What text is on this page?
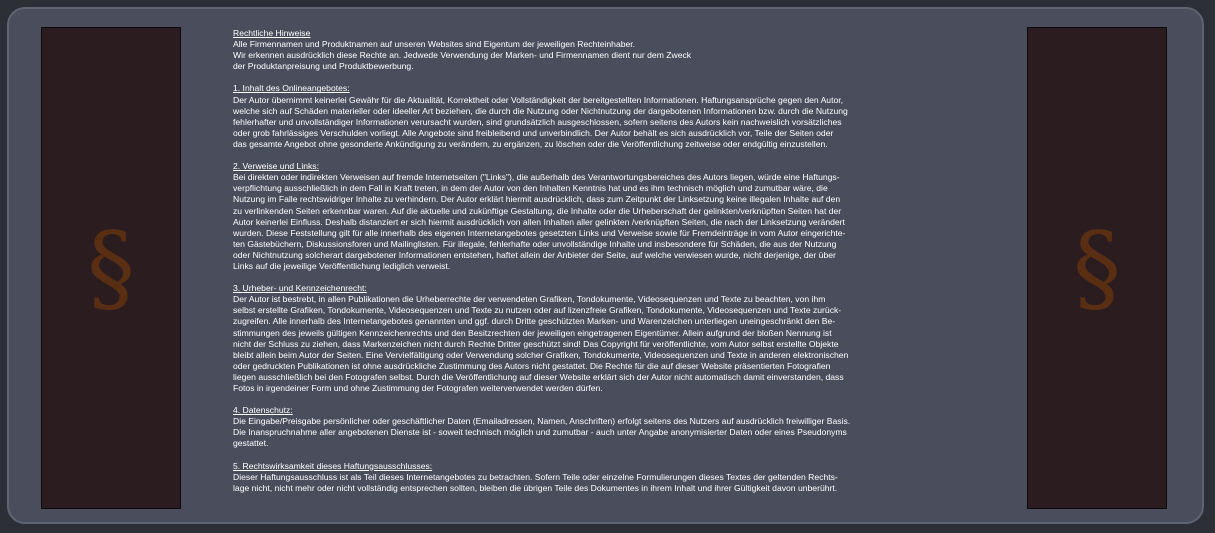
§	§
Rechtliche Hinweise
Alle Firmennamen und Produktnamen auf unseren Websites sind Eigentum der jeweiligen Rechteinhaber.
Wir erkennen ausdrücklich diese Rechte an. Jedwede Verwendung der Marken- und Firmennamen dient nur dem Zweck
der Produktanpreisung und Produktbewerbung.
1. Inhalt des Onlineangebotes:
Der Autor übernimmt keinerlei Gewähr für die Aktualität, Korrektheit oder Vollständigkeit der bereitgestellten Informationen. Haftungsansprüche gegen den Autor,
welche sich auf Schäden materieller oder ideeller Art beziehen, die durch die Nutzung oder Nichtnutzung der dargebotenen Informationen bzw. durch die Nutzung
fehlerhafter und unvollständiger Informationen verursacht wurden, sind grundsätzlich ausgeschlossen, sofern seitens des Autors kein nachweislich vorsätzliches
oder grob fahrlässiges Verschulden vorliegt. Alle Angebote sind freibleibend und unverbindlich. Der Autor behält es sich ausdrücklich vor, Teile der Seiten oder
das gesamte Angebot ohne gesonderte Ankündigung zu verändern, zu ergänzen, zu löschen oder die Veröffentlichung zeitweise oder endgültig einzustellen.
2. Verweise und Links:
Bei direkten oder indirekten Verweisen auf fremde Internetseiten ("Links"), die außerhalb des Verantwortungsbereiches des Autors liegen, würde eine Haftungs-
verpflichtung ausschließlich in dem Fall in Kraft treten, in dem der Autor von den Inhalten Kenntnis hat und es ihm technisch möglich und zumutbar wäre, die
Nutzung im Falle rechtswidriger Inhalte zu verhindern. Der Autor erklärt hiermit ausdrücklich, dass zum Zeitpunkt der Linksetzung keine illegalen Inhalte auf den
zu verlinkenden Seiten erkennbar waren. Auf die aktuelle und zukünftige Gestaltung, die Inhalte oder die Urheberschaft der gelinkten/verknüpften Seiten hat der
Autor keinerlei Einfluss. Deshalb distanziert er sich hiermit ausdrücklich von allen Inhalten aller gelinkten /verknüpften Seiten, die nach der Linksetzung verändert
wurden. Diese Feststellung gilt für alle innerhalb des eigenen Internetangebotes gesetzten Links und Verweise sowie für Fremdeinträge in vom Autor eingerichte-
ten Gästebüchern, Diskussionsforen und Mailinglisten. Für illegale, fehlerhafte oder unvollständige Inhalte und insbesondere für Schäden, die aus der Nutzung
oder Nichtnutzung solcherart dargebotener Informationen entstehen, haftet allein der Anbieter der Seite, auf welche verwiesen wurde, nicht derjenige, der über
Links auf die jeweilige Veröffentlichung lediglich verweist.
3. Urheber- und Kennzeichenrecht:
Der Autor ist bestrebt, in allen Publikationen die Urheberrechte der verwendeten Grafiken, Tondokumente, Videosequenzen und Texte zu beachten, von ihm
selbst erstellte Grafiken, Tondokumente, Videosequenzen und Texte zu nutzen oder auf lizenzfreie Grafiken, Tondokumente, Videosequenzen und Texte zurück-
zugreifen. Alle innerhalb des Internetangebotes genannten und ggf. durch Dritte geschützten Marken- und Warenzeichen unterliegen uneingeschränkt den Be-
stimmungen des jeweils gültigen Kennzeichenrechts und den Besitzrechten der jeweiligen eingetragenen Eigentümer. Allein aufgrund der bloßen Nennung ist
nicht der Schluss zu ziehen, dass Markenzeichen nicht durch Rechte Dritter geschützt sind! Das Copyright für veröffentlichte, vom Autor selbst erstellte Objekte
bleibt allein beim Autor der Seiten. Eine Vervielfältigung oder Verwendung solcher Grafiken, Tondokumente, Videosequenzen und Texte in anderen elektronischen
oder gedruckten Publikationen ist ohne ausdrückliche Zustimmung des Autors nicht gestattet. Die Rechte für die auf dieser Website präsentierten Fotografien
liegen ausschließlich bei den Fotografen selbst. Durch die Veröffentlichung auf dieser Website erklärt sich der Autor nicht automatisch damit einverstanden, dass
Fotos in irgendeiner Form und ohne Zustimmung der Fotografen weiterverwendet werden dürfen.
4. Datenschutz:
Die Eingabe/Preisgabe persönlicher oder geschäftlicher Daten (Emailadressen, Namen, Anschriften) erfolgt seitens des Nutzers auf ausdrücklich freiwilliger Basis.
Die Inanspruchnahme aller angebotenen Dienste ist - soweit technisch möglich und zumutbar - auch unter Angabe anonymisierter Daten oder eines Pseudonyms
gestattet.
5. Rechtswirksamkeit dieses Haftungsausschlusses:
Dieser Haftungsausschluss ist als Teil dieses Internetangebotes zu betrachten. Sofern Teile oder einzelne Formulierungen dieses Textes der geltenden Rechts-
lage nicht, nicht mehr oder nicht vollständig entsprechen sollten, bleiben die übrigen Teile des Dokumentes in ihrem Inhalt und ihrer Gültigkeit davon unberührt.
